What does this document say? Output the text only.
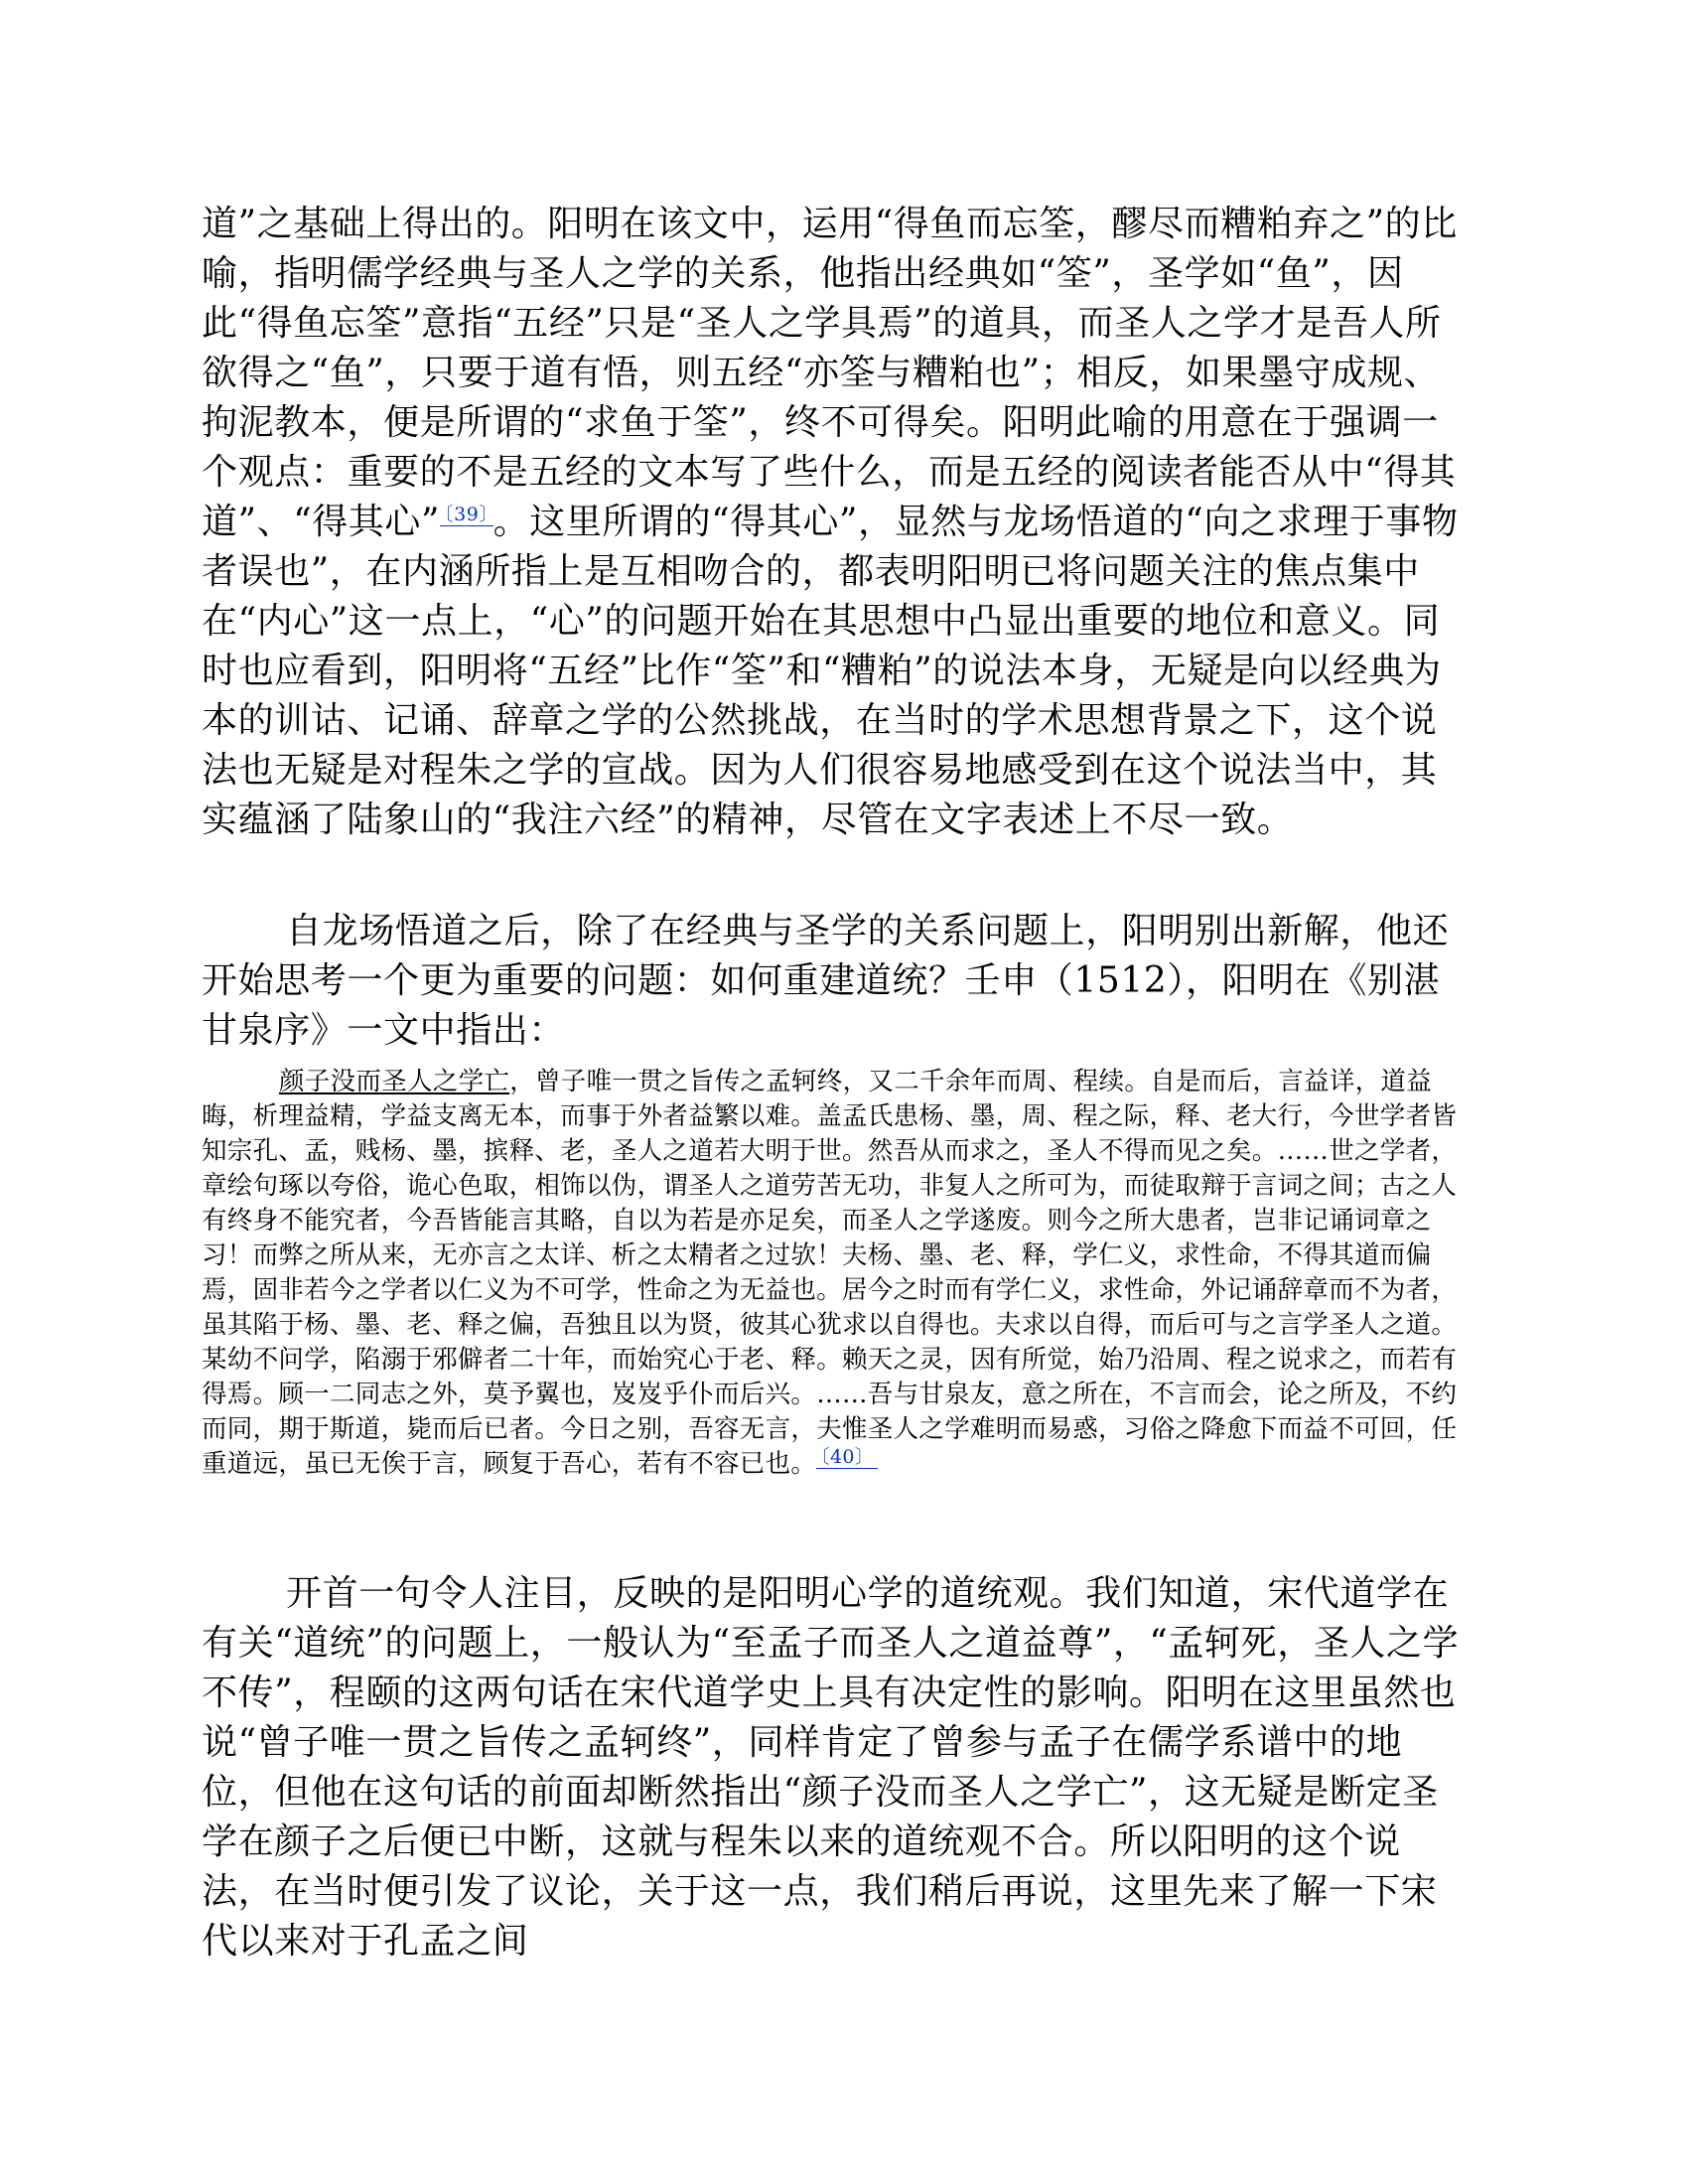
道”之基础上得出的。阳明在该文中，运用“得鱼而忘筌，醪尽而糟粕弃之”的比喻，指明儒学经典与圣人之学的关系，他指出经典如“筌”，圣学如“鱼”，因此“得鱼忘筌”意指“五经”只是“圣人之学具焉”的道具，而圣人之学才是吾人所欲得之“鱼”，只要于道有悟，则五经“亦筌与糟粕也”；相反，如果墨守成规、拘泥教本，便是所谓的“求鱼于筌”，终不可得矣。阳明此喻的用意在于强调一个观点：重要的不是五经的文本写了些什么，而是五经的阅读者能否从中“得其道”、“得其心” $^{〔39〕}$ 。这里所谓的“得其心”，显然与龙场悟道的“向之求理于事物者误也”，在内涵所指上是互相吻合的，都表明阳明已将问题关注的焦点集中在“内心”这一点上，“心”的问题开始在其思想中凸显出重要的地位和意义。同时也应看到，阳明将“五经”比作“筌”和“糟粕”的说法本身，无疑是向以经典为本的训诂、记诵、辞章之学的公然挑战，在当时的学术思想背景之下，这个说法也无疑是对程朱之学的宣战。因为人们很容易地感受到在这个说法当中，其实蕴涵了陆象山的“我注六经”的精神，尽管在文字表述上不尽一致。

自龙场悟道之后，除了在经典与圣学的关系问题上，阳明别出新解，他还开始思考一个更为重要的问题：如何重建道统？壬申（1512），阳明在《别湛甘泉序》一文中指出：

颜子没而圣人之学亡，曾子唯一贯之旨传之孟轲终，又二千余年而周、程续。自是而后，言益详，道益晦，析理益精，学益支离无本，而事于外者益繁以难。盖孟氏患杨、墨，周、程之际，释、老大行，今世学者皆知宗孔、孟，贱杨、墨，摈释、老，圣人之道若大明于世。然吾从而求之，圣人不得而见之矣。……世之学者，章绘句琢以夸俗，诡心色取，相饰以伪，谓圣人之道劳苦无功，非复人之所可为，而徒取辩于言词之间；古之人有终身不能究者，今吾皆能言其略，自以为若是亦足矣，而圣人之学遂废。则今之所大患者，岂非记诵词章之习！而弊之所从来，无亦言之太详、析之太精者之过欤！夫杨、墨、老、释，学仁义，求性命，不得其道而偏焉，固非若今之学者以仁义为不可学，性命之为无益也。居今之时而有学仁义，求性命，外记诵辞章而不为者，虽其陷于杨、墨、老、释之偏，吾独且以为贤，彼其心犹求以自得也。夫求以自得，而后可与之言学圣人之道。某幼不问学，陷溺于邪僻者二十年，而始究心于老、释。赖天之灵，因有所觉，始乃沿周、程之说求之，而若有得焉。顾一二同志之外，莫予翼也，岌岌乎仆而后兴。……吾与甘泉友，意之所在，不言而会，论之所及，不约而同，期于斯道，毙而后已者。今日之别，吾容无言，夫惟圣人之学难明而易惑，习俗之降愈下而益不可回，任重道远，虽已无俟于言，顾复于吾心，若有不容已也。 $^{〔40〕}$

开首一句令人注目，反映的是阳明心学的道统观。我们知道，宋代道学在有关“道统”的问题上，一般认为“至孟子而圣人之道益尊”，“孟轲死，圣人之学不传”，程颐的这两句话在宋代道学史上具有决定性的影响。阳明在这里虽然也说“曾子唯一贯之旨传之孟轲终”，同样肯定了曾参与孟子在儒学系谱中的地位，但他在这句话的前面却断然指出“颜子没而圣人之学亡”，这无疑是断定圣学在颜子之后便已中断，这就与程朱以来的道统观不合。所以阳明的这个说法，在当时便引发了议论，关于这一点，我们稍后再说，这里先来了解一下宋代以来对于孔孟之间
